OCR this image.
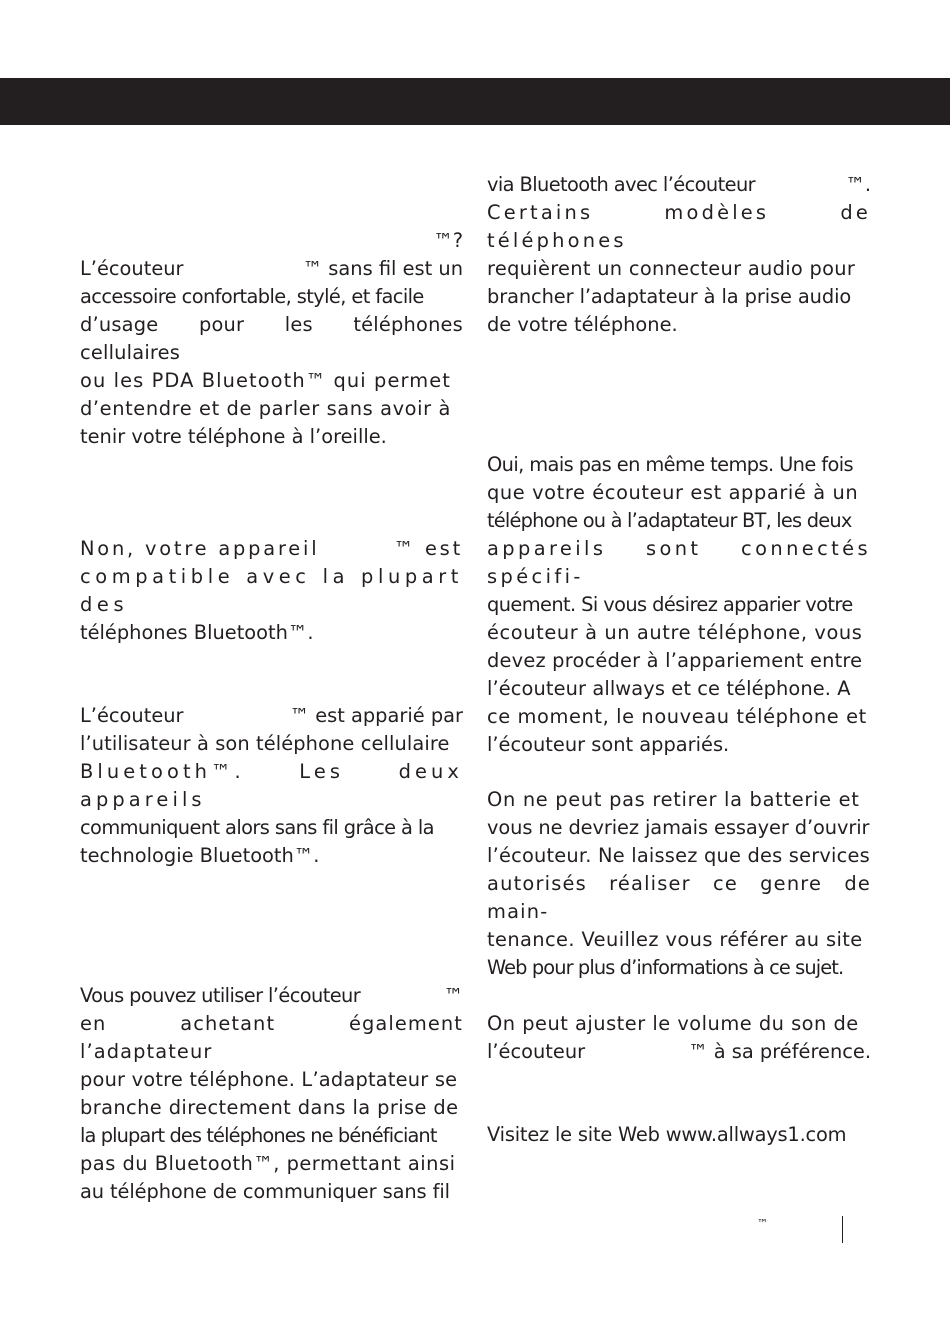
™?

L’écouteur	™ sans fil est un

accessoire confortable, stylé, et facile

d’usage pour les téléphones cellulaires

ou les PDA Bluetooth™ qui permet

d’entendre et de parler sans avoir à

tenir votre téléphone à l’oreille.

Non, votre appareil	™ est

compatible avec la plupart des

téléphones Bluetooth™.

L’écouteur	™ est apparié par

l’utilisateur à son téléphone cellulaire

Bluetooth™. Les deux appareils

communiquent alors sans fil grâce à la

technologie Bluetooth™.

Vous pouvez utiliser l’écouteur	™

en achetant également l’adaptateur

pour votre téléphone. L’adaptateur se

branche directement dans la prise de

la plupart des téléphones ne bénéficiant

pas du Bluetooth™, permettant ainsi

au téléphone de communiquer sans fil

via Bluetooth avec l’écouteur	™.

Certains modèles de téléphones

requièrent un connecteur audio pour

brancher l’adaptateur à la prise audio

de votre téléphone.

Oui, mais pas en même temps. Une fois

que votre écouteur est apparié à un

téléphone ou à l’adaptateur BT, les deux

appareils sont connectés spécifi-

quement. Si vous désirez apparier votre

écouteur à un autre téléphone, vous

devez procéder à l’appariement entre

l’écouteur allways et ce téléphone. A

ce moment, le nouveau téléphone et

l’écouteur sont appariés.

On ne peut pas retirer la batterie et

vous ne devriez jamais essayer d’ouvrir

l’écouteur. Ne laissez que des services

autorisés réaliser ce genre de main-

tenance. Veuillez vous référer au site

Web pour plus d’informations à ce sujet.

On peut ajuster le volume du son de

l’écouteur	™ à sa préférence.

Visitez le site Web www.allways1.com

™
